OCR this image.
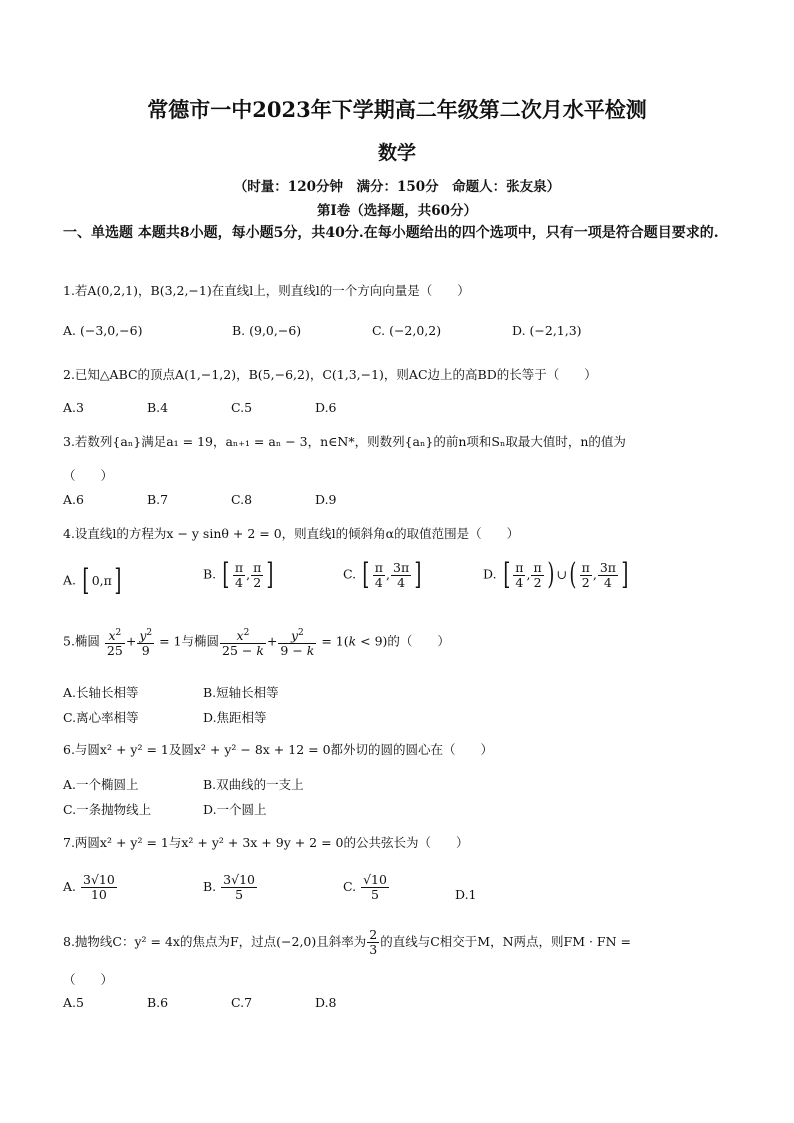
常德市一中2023年下学期高二年级第二次月水平检测
数学
（时量：120分钟　满分：150分　命题人：张友泉）
第Ⅰ卷（选择题，共60分）
一、单选题 本题共8小题，每小题5分，共40分.在每小题给出的四个选项中，只有一项是符合题目要求的.
1.若A(0,2,1)，B(3,2,−1)在直线l上，则直线l的一个方向向量是（　　）
A. (−3,0,−6)	B. (9,0,−6)	C. (−2,0,2)	D. (−2,1,3)
2.已知△ABC的顶点A(1,−1,2)，B(5,−6,2)，C(1,3,−1)，则AC边上的高BD的长等于（　　）
A.3	B.4	C.5	D.6
3.若数列{aₙ}满足a₁ = 19，aₙ₊₁ = aₙ − 3，n∈N*，则数列{aₙ}的前n项和Sₙ取最大值时，n的值为
（　　）
A.6	B.7	C.8	D.9
4.设直线l的方程为x − y sinθ + 2 = 0，则直线l的倾斜角α的取值范围是（　　）
A. [ 0,π]	B. [ $\frac{\pi}{4}$ , $\frac{\pi}{2}$ ]	C. [ $\frac{\pi}{4}$ , $\frac{3\pi}{4}$ ]	D. [ $\frac{\pi}{4}$ , $\frac{\pi}{2}$ ) ∪( $\frac{\pi}{2}$ , $\frac{3\pi}{4}$ ]
5.椭圆 $\frac{x^2}{25} + \frac{y^2}{9} = 1$与椭圆 $\frac{x^2}{25 - k} + \frac{y^2}{9 - k} = 1(k < 9)$的（　　）
A.长轴长相等	B.短轴长相等
C.离心率相等	D.焦距相等
6.与圆x² + y² = 1及圆x² + y² − 8x + 12 = 0都外切的圆的圆心在（　　）
A.一个椭圆上	B.双曲线的一支上
C.一条抛物线上	D.一个圆上
7.两圆x² + y² = 1与x² + y² + 3x + 9y + 2 = 0的公共弦长为（　　）
A. $\frac{3√10}{10}$	B. $\frac{3√10}{5}$	C. $\frac{√10}{5}$	D.1
8.抛物线C：y² = 4x的焦点为F，过点(−2,0)且斜率为 $\frac{2}{3}$ 的直线与C相交于M，N两点，则FM · FN =
（　　）
A.5	B.6	C.7	D.8
